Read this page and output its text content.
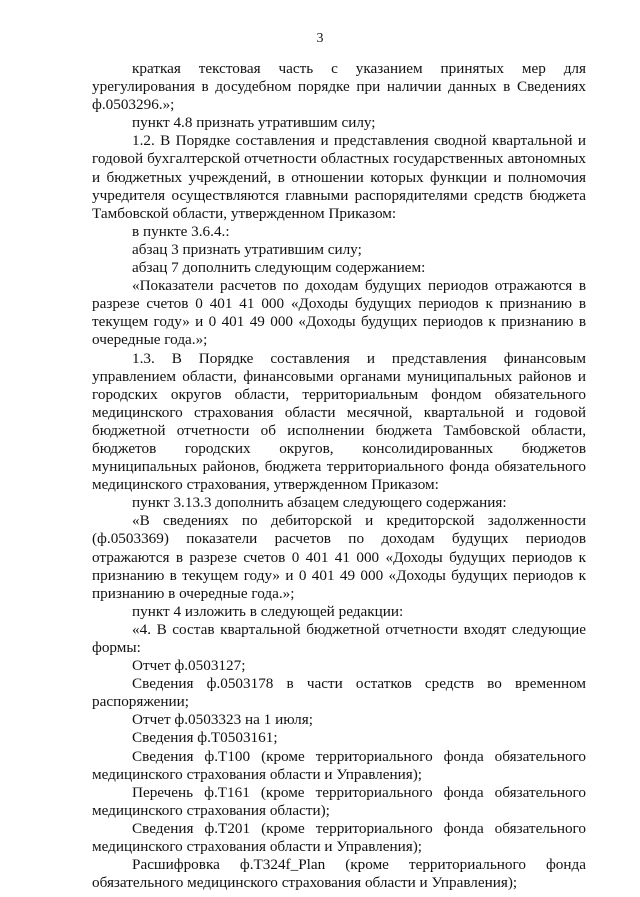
3

краткая текстовая часть с указанием принятых мер для урегулирования в досудебном порядке при наличии данных в Сведениях ф.0503296.»;

пункт 4.8 признать утратившим силу;

1.2. В Порядке составления и представления сводной квартальной и годовой бухгалтерской отчетности областных государственных автономных и бюджетных учреждений, в отношении которых функции и полномочия учредителя осуществляются главными распорядителями средств бюджета Тамбовской области, утвержденном Приказом:

в пункте 3.6.4.:

абзац 3 признать утратившим силу;

абзац 7 дополнить следующим содержанием:

«Показатели расчетов по доходам будущих периодов отражаются в разрезе счетов 0 401 41 000 «Доходы будущих периодов к признанию в текущем году» и 0 401 49 000 «Доходы будущих периодов к признанию в очередные года.»;

1.3. В Порядке составления и представления финансовым управлением области, финансовыми органами муниципальных районов и городских округов области, территориальным фондом обязательного медицинского страхования области месячной, квартальной и годовой бюджетной отчетности об исполнении бюджета Тамбовской области, бюджетов городских округов, консолидированных бюджетов муниципальных районов, бюджета территориального фонда обязательного медицинского страхования, утвержденном Приказом:

пункт 3.13.3 дополнить абзацем следующего содержания:

«В сведениях по дебиторской и кредиторской задолженности (ф.0503369) показатели расчетов по доходам будущих периодов отражаются в разрезе счетов 0 401 41 000 «Доходы будущих периодов к признанию в текущем году» и 0 401 49 000 «Доходы будущих периодов к признанию в очередные года.»;

пункт 4 изложить в следующей редакции:

«4. В состав квартальной бюджетной отчетности входят следующие формы:

Отчет ф.0503127;

Сведения ф.0503178 в части остатков средств во временном распоряжении;

Отчет ф.0503323 на 1 июля;

Сведения ф.Т0503161;

Сведения ф.Т100 (кроме территориального фонда обязательного медицинского страхования области и Управления);

Перечень ф.Т161 (кроме территориального фонда обязательного медицинского страхования области);

Сведения ф.Т201 (кроме территориального фонда обязательного медицинского страхования области и Управления);

Расшифровка ф.Т324f_Plan (кроме территориального фонда обязательного медицинского страхования области и Управления);
